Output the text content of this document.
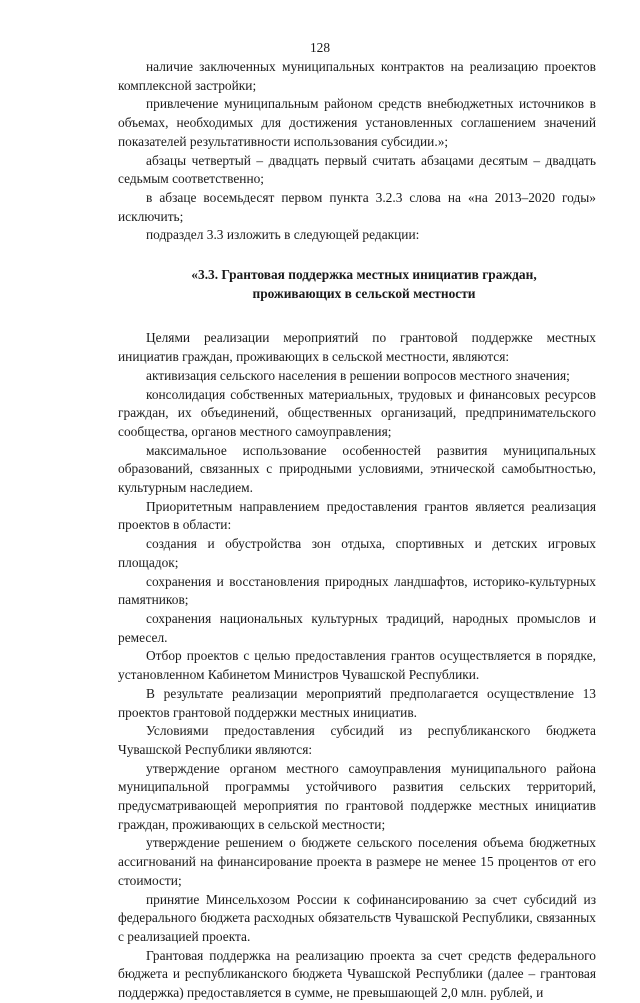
128

наличие заключенных муниципальных контрактов на реализацию проектов комплексной застройки;

привлечение муниципальным районом средств внебюджетных источников в объемах, необходимых для достижения установленных соглашением значений показателей результативности использования субсидии.»;

абзацы четвертый – двадцать первый считать абзацами десятым – двадцать седьмым соответственно;

в абзаце восемьдесят первом пункта 3.2.3 слова на «на 2013–2020 годы» исключить;

подраздел 3.3 изложить в следующей редакции:

«3.3. Грантовая поддержка местных инициатив граждан,

проживающих в сельской местности

Целями реализации мероприятий по грантовой поддержке местных инициатив граждан, проживающих в сельской местности, являются:

активизация сельского населения в решении вопросов местного значения;

консолидация собственных материальных, трудовых и финансовых ресурсов граждан, их объединений, общественных организаций, предпринимательского сообщества, органов местного самоуправления;

максимальное использование особенностей развития муниципальных образований, связанных с природными условиями, этнической самобытностью, культурным наследием.

Приоритетным направлением предоставления грантов является реализация проектов в области:

создания и обустройства зон отдыха, спортивных и детских игровых площадок;

сохранения и восстановления природных ландшафтов, историко-культурных памятников;

сохранения национальных культурных традиций, народных промыслов и ремесел.

Отбор проектов с целью предоставления грантов осуществляется в порядке, установленном Кабинетом Министров Чувашской Республики.

В результате реализации мероприятий предполагается осуществление 13 проектов грантовой поддержки местных инициатив.

Условиями предоставления субсидий из республиканского бюджета Чувашской Республики являются:

утверждение органом местного самоуправления муниципального района муниципальной программы устойчивого развития сельских территорий, предусматривающей мероприятия по грантовой поддержке местных инициатив граждан, проживающих в сельской местности;

утверждение решением о бюджете сельского поселения объема бюджетных ассигнований на финансирование проекта в размере не менее 15 процентов от его стоимости;

принятие Минсельхозом России к софинансированию за счет субсидий из федерального бюджета расходных обязательств Чувашской Республики, связанных с реализацией проекта.

Грантовая поддержка на реализацию проекта за счет средств федерального бюджета и республиканского бюджета Чувашской Республики (далее – грантовая поддержка) предоставляется в сумме, не превышающей 2,0 млн. рублей, и
